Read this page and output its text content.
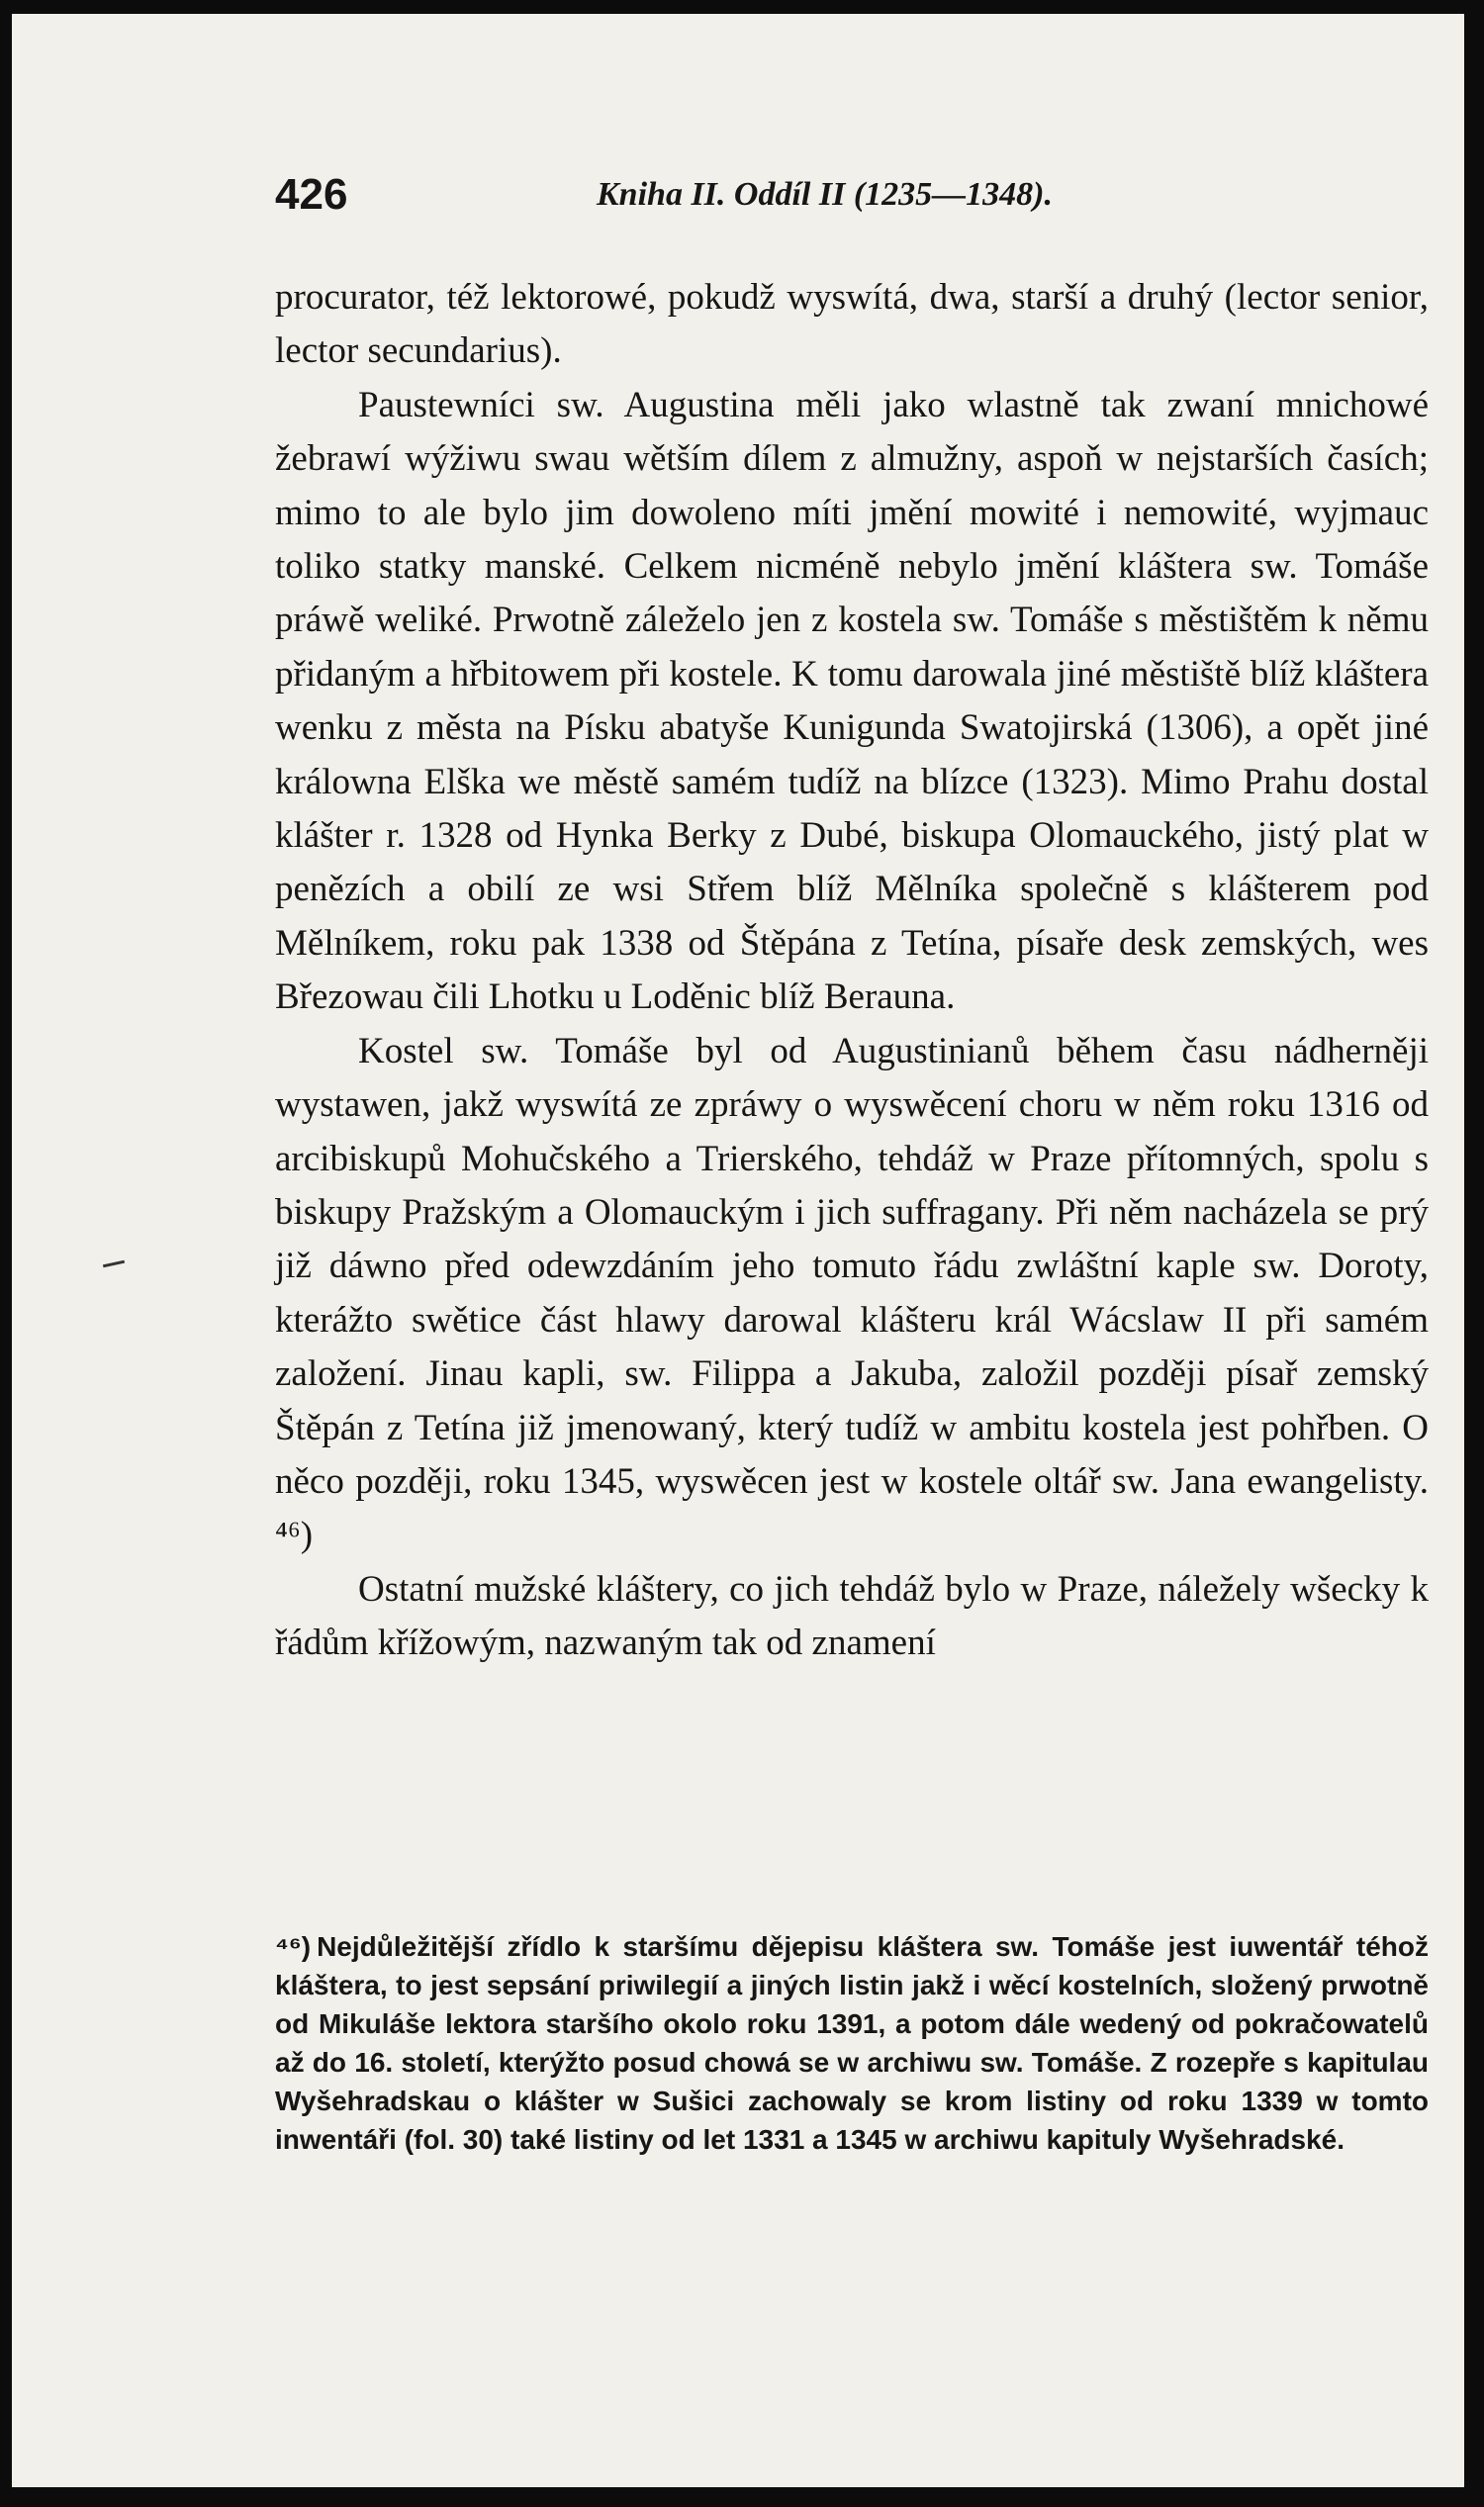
426	Kniha II. Oddíl II (1235—1348).

procurator, též lektorowé, pokudž wyswítá, dwa, starší a druhý (lector senior, lector secundarius).

Paustewníci sw. Augustina měli jako wlastně tak zwaní mnichowé žebrawí wýžiwu swau wětším dílem z almužny, aspoň w nejstarších časích; mimo to ale bylo jim dowoleno míti jmění mowité i nemowité, wyjmauc toliko statky manské. Celkem nicméně nebylo jmění kláštera sw. Tomáše práwě weliké. Prwotně záleželo jen z kostela sw. Tomáše s městištěm k němu přidaným a hřbitowem při kostele. K tomu darowala jiné městiště blíž kláštera wenku z města na Písku abatyše Kunigunda Swatojirská (1306), a opět jiné králowna Elška we městě samém tudíž na blízce (1323). Mimo Prahu dostal klášter r. 1328 od Hynka Berky z Dubé, biskupa Olomauckého, jistý plat w penězích a obilí ze wsi Střem blíž Mělníka společně s klášterem pod Mělníkem, roku pak 1338 od Štěpána z Tetína, písaře desk zemských, wes Březowau čili Lhotku u Loděnic blíž Berauna.

Kostel sw. Tomáše byl od Augustinianů během času nádherněji wystawen, jakž wyswítá ze zpráwy o wyswěcení choru w něm roku 1316 od arcibiskupů Mohučského a Trierského, tehdáž w Praze přítomných, spolu s biskupy Pražským a Olomauckým i jich suffragany. Při něm nacházela se prý již dáwno před odewzdáním jeho tomuto řádu zwláštní kaple sw. Doroty, kterážto swětice část hlawy darowal klášteru král Wácslaw II při samém založení. Jinau kapli, sw. Filippa a Jakuba, založil později písař zemský Štěpán z Tetína již jmenowaný, který tudíž w ambitu kostela jest pohřben. O něco později, roku 1345, wyswěcen jest w kostele oltář sw. Jana ewangelisty. ⁴⁶)

Ostatní mužské kláštery, co jich tehdáž bylo w Praze, náležely wšecky k řádům křížowým, nazwaným tak od znamení

⁴⁶) Nejdůležitější zřídlo k staršímu dějepisu kláštera sw. Tomáše jest iuwentář téhož kláštera, to jest sepsání priwilegií a jiných listin jakž i wěcí kostelních, složený prwotně od Mikuláše lektora staršího okolo roku 1391, a potom dále wedený od pokračowatelů až do 16. století, kterýžto posud chowá se w archiwu sw. Tomáše. Z rozepře s kapitulau Wyšehradskau o klášter w Sušici zachowaly se krom listiny od roku 1339 w tomto inwentáři (fol. 30) také listiny od let 1331 a 1345 w archiwu kapituly Wyšehradské.
